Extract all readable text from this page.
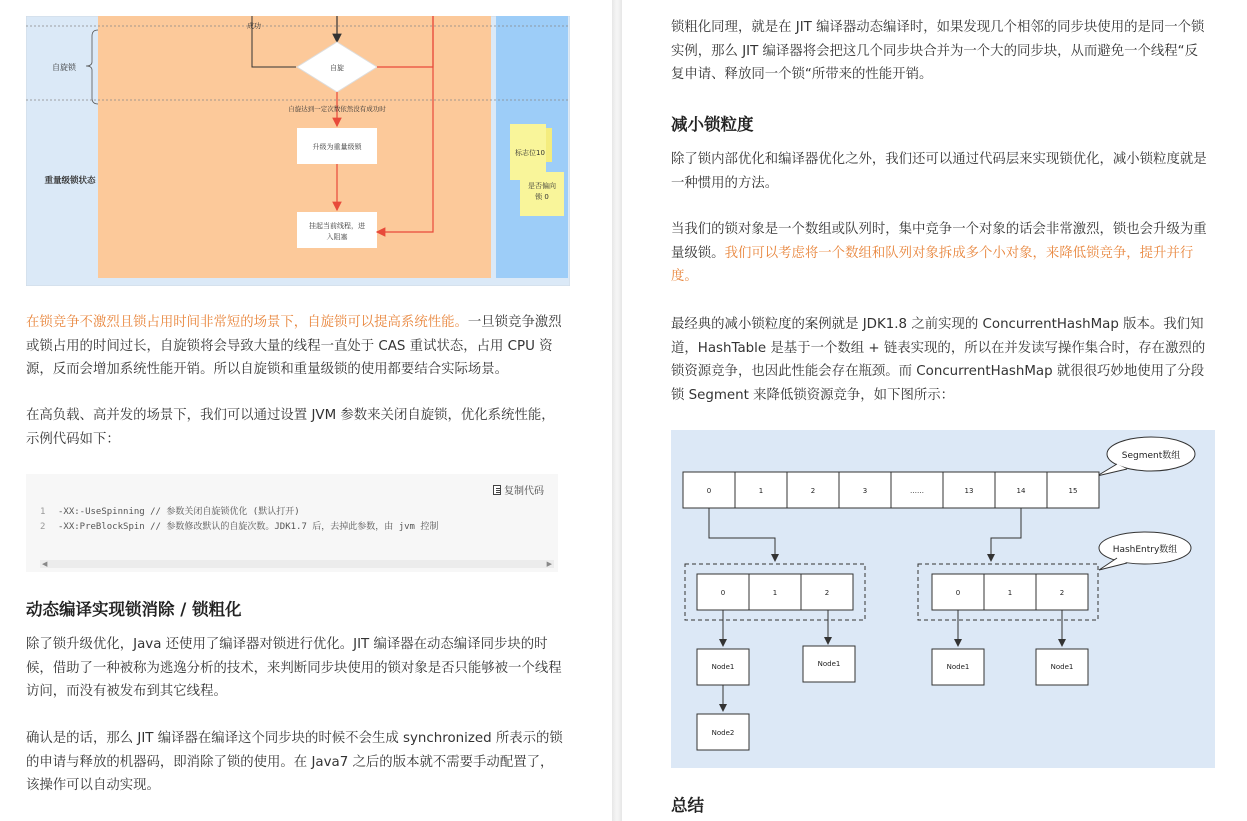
自旋锁
成功
自旋
自旋达到一定次数依然没有成功时
升级为重量级锁
重量级锁状态
挂起当前线程，进
入阻塞
标志位10
是否偏向
锁 0
在锁竞争不激烈且锁占用时间非常短的场景下，自旋锁可以提高系统性能。一旦锁竞争激烈
或锁占用的时间过长，自旋锁将会导致大量的线程一直处于 CAS 重试状态，占用 CPU 资
源，反而会增加系统性能开销。所以自旋锁和重量级锁的使用都要结合实际场景。
在高负载、高并发的场景下，我们可以通过设置 JVM 参数来关闭自旋锁，优化系统性能，
示例代码如下：
复制代码
1 -XX:-UseSpinning // 参数关闭自旋锁优化 (默认打开)
2 -XX:PreBlockSpin // 参数修改默认的自旋次数。JDK1.7 后，去掉此参数，由 jvm 控制
◀	▶
动态编译实现锁消除 / 锁粗化
除了锁升级优化，Java 还使用了编译器对锁进行优化。JIT 编译器在动态编译同步块的时
候，借助了一种被称为逃逸分析的技术，来判断同步块使用的锁对象是否只能够被一个线程
访问，而没有被发布到其它线程。
确认是的话，那么 JIT 编译器在编译这个同步块的时候不会生成 synchronized 所表示的锁
的申请与释放的机器码，即消除了锁的使用。在 Java7 之后的版本就不需要手动配置了，
该操作可以自动实现。
锁粗化同理，就是在 JIT 编译器动态编译时，如果发现几个相邻的同步块使用的是同一个锁
实例，那么 JIT 编译器将会把这几个同步块合并为一个大的同步块，从而避免一个线程“反
复申请、释放同一个锁“所带来的性能开销。
减小锁粒度
除了锁内部优化和编译器优化之外，我们还可以通过代码层来实现锁优化，减小锁粒度就是
一种惯用的方法。
当我们的锁对象是一个数组或队列时，集中竞争一个对象的话会非常激烈，锁也会升级为重
量级锁。我们可以考虑将一个数组和队列对象拆成多个小对象，来降低锁竞争，提升并行
度。
最经典的减小锁粒度的案例就是 JDK1.8 之前实现的 ConcurrentHashMap 版本。我们知
道，HashTable 是基于一个数组 + 链表实现的，所以在并发读写操作集合时，存在激烈的
锁资源竞争，也因此性能会存在瓶颈。而 ConcurrentHashMap 就很很巧妙地使用了分段
锁 Segment 来降低锁资源竞争，如下图所示：
Segment数组
0	1	2	3	……	13	14	15
HashEntry数组
0	1	2	0	1	2
Node1
Node2
Node1	Node1	Node1
总结
